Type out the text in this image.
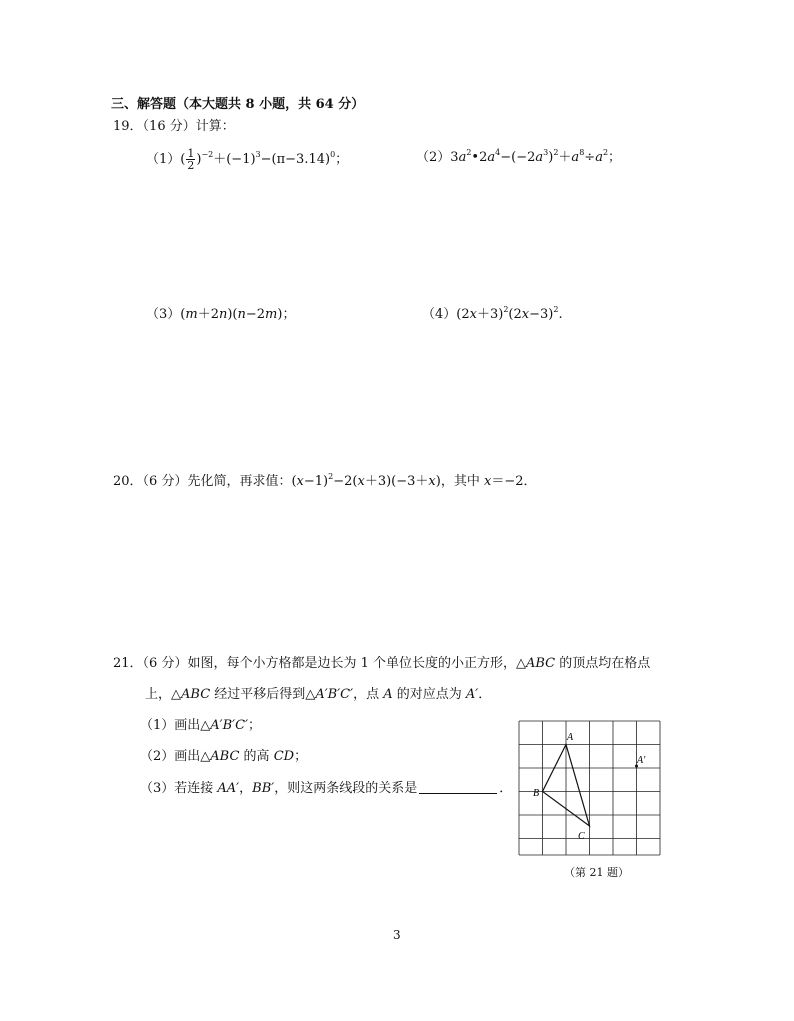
三、解答题（本大题共 8 小题，共 64 分）
19．（16 分）计算：
$(1)( \frac{1}{2} )^{-2}+(-1)^3-(\pi-3.14)^0$；	$(2)3a^2•2a^4-(-2a^3)^2+a^8\div a^2$；
（3）(m＋2n)(n−2m)；	$(4)(2x+3)^2(2x-3)^2$.
20．（6 分）先化简，再求值：$(x-1)^2-2(x+3)(-3+x)$，其中 x＝−2．
21．（6 分）如图，每个小方格都是边长为 1 个单位长度的小正方形，△ABC 的顶点均在格点
上，△ABC 经过平移后得到△A′B′C′，点 A 的对应点为 A′．
（1）画出△A′B′C′；
（2）画出△ABC 的高 CD；
（3）若连接 AA′，BB′，则这两条线段的关系是	．
A
B
C
A′
（第 21 题）
3
